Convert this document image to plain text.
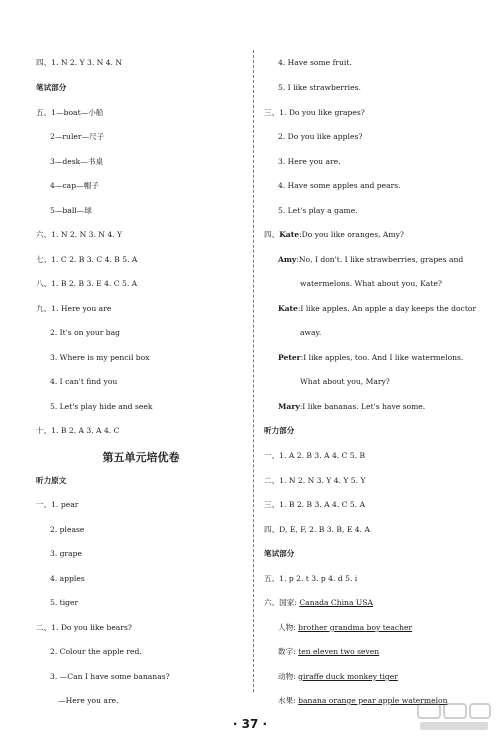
四、1. N 2. Y 3. N 4. N
笔试部分
五、1—boat—小船
2—ruler—尺子
3—desk—书桌
4—cap—帽子
5—ball—球
六、1. N 2. N 3. N 4. Y
七、1. C 2. B 3. C 4. B 5. A
八、1. B 2. B 3. E 4. C 5. A
九、1. Here you are
2. It's on your bag
3. Where is my pencil box
4. I can't find you
5. Let's play hide and seek
十、1. B 2. A 3. A 4. C
第五单元培优卷
听力原文
一、1. pear
2. please
3. grape
4. apples
5. tiger
二、1. Do you like bears?
2. Colour the apple red.
3. —Can I have some bananas?
—Here you are.
4. Have some fruit.
5. I like strawberries.
三、1. Do you like grapes?
2. Do you like apples?
3. Here you are.
4. Have some apples and pears.
5. Let's play a game.
四、Kate:Do you like oranges, Amy?
Amy:No, I don't. I like strawberries, grapes and
watermelons. What about you, Kate?
Kate:I like apples. An apple a day keeps the doctor
away.
Peter:I like apples, too. And I like watermelons.
What about you, Mary?
Mary:I like bananas. Let's have some.
听力部分
一、1. A 2. B 3. A 4. C 5. B
二、1. N 2. N 3. Y 4. Y 5. Y
三、1. B 2. B 3. A 4. C 5. A
四、D, E, F, 2. B 3. B, E 4. A
笔试部分
五、1. p 2. t 3. p 4. d 5. i
六、国家: Canada China USA
人物: brother grandma boy teacher
数字: ten eleven two seven
动物: giraffe duck monkey tiger
水果: banana orange pear apple watermelon
· 37 ·
